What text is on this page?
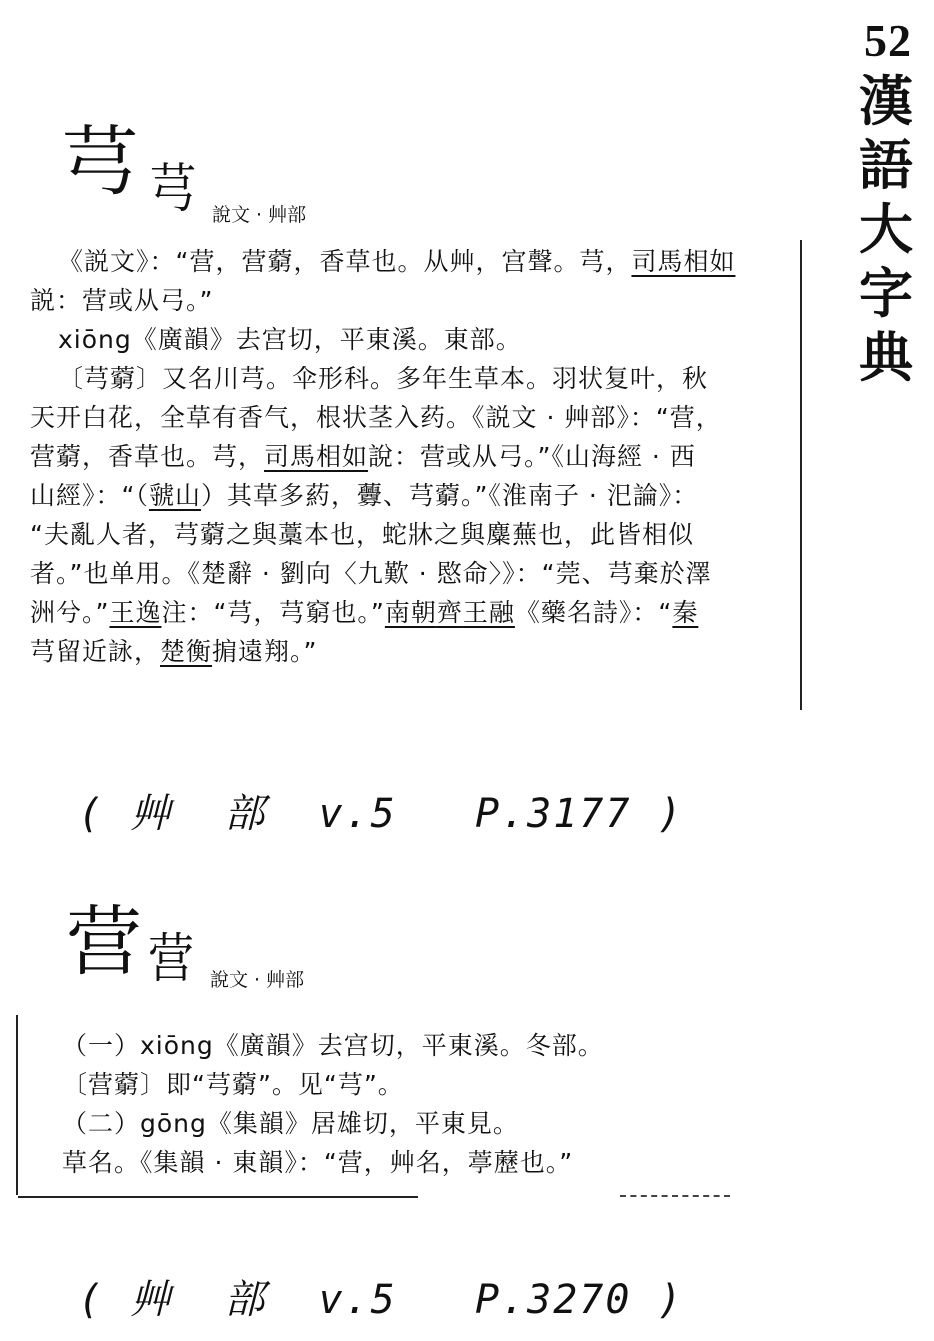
52
漢
語
大
字
典
芎 芎 說文 · 艸部

《説文》：“营，营藭，香草也。从艸，宫聲。芎，司馬相如

説：营或从弓。”

xiōng《廣韻》去宫切，平東溪。東部。

〔芎藭〕又名川芎。伞形科。多年生草本。羽状复叶，秋

天开白花，全草有香气，根状茎入药。《説文 · 艸部》：“营，

营藭，香草也。芎，司馬相如說：营或从弓。”《山海經 · 西

山經》：“（虢山）其草多葯，虋、芎藭。”《淮南子 · 汜論》：

“夫亂人者，芎藭之與藁本也，蛇牀之與麋蕪也，此皆相似

者。”也单用。《楚辭 · 劉向〈九歎 · 愍命〉》：“莞、芎棄於澤

洲兮。”王逸注：“芎，芎窮也。”南朝齊王融《藥名詩》：“秦

芎留近詠，楚衡掮遠翔。”

( 艸  部  v.5   P.3177 )
营 营 說文 · 艸部

（一）xiōng《廣韻》去宫切，平東溪。冬部。

〔营藭〕即“芎藭”。见“芎”。

（二）gōng《集韻》居雄切，平東見。

草名。《集韻 · 東韻》：“营，艸名，葶藶也。”

( 艸  部  v.5   P.3270 )
